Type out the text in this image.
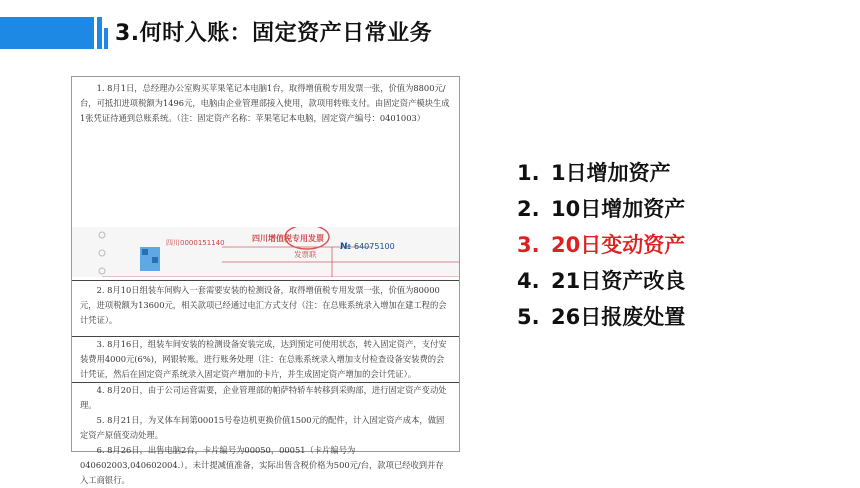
3.何时入账：固定资产日常业务

1. 8月1日，总经理办公室购买苹果笔记本电脑1台，取得增值税专用发票一张，价值为8800元/台，可抵扣进项税额为1496元，电脑由企业管理部接入使用，款项用转账支付。由固定资产模块生成1张凭证待通到总账系统。（注：固定资产名称：苹果笔记本电脑，固定资产编号：0401003）

四川0000151140	四川增值税专用发票
发票联
№ 64075100

2. 8月10日组装车间购入一套需要安装的检测设备，取得增值税专用发票一张，价值为80000元，进项税额为13600元，相关款项已经通过电汇方式支付（注：在总账系统录入增加在建工程的会计凭证）。

3. 8月16日，组装车间安装的检测设备安装完成，达到预定可使用状态，转入固定资产，支付安装费用4000元(6%)，网银转账。进行账务处理（注：在总账系统录入增加支付检查设备安装费的会计凭证，然后在固定资产系统录入固定资产增加的卡片，并生成固定资产增加的会计凭证）。

4. 8月20日，由于公司运营需要，企业管理部的帕萨特轿车转移到采购部，进行固定资产变动处理。

5. 8月21日，为叉体车间第00015号卷边机更换价值1500元的配件，计入固定资产成本，做固定资产原值变动处理。

6. 8月26日，出售电脑2台，卡片编号为00050，00051（卡片编号为040602003,040602004.）。未计提减值准备，实际出售含税价格为500元/台，款项已经收到并存入工商银行。

1. 1日增加资产
2. 10日增加资产
3. 20日变动资产
4. 21日资产改良
5. 26日报废处置
